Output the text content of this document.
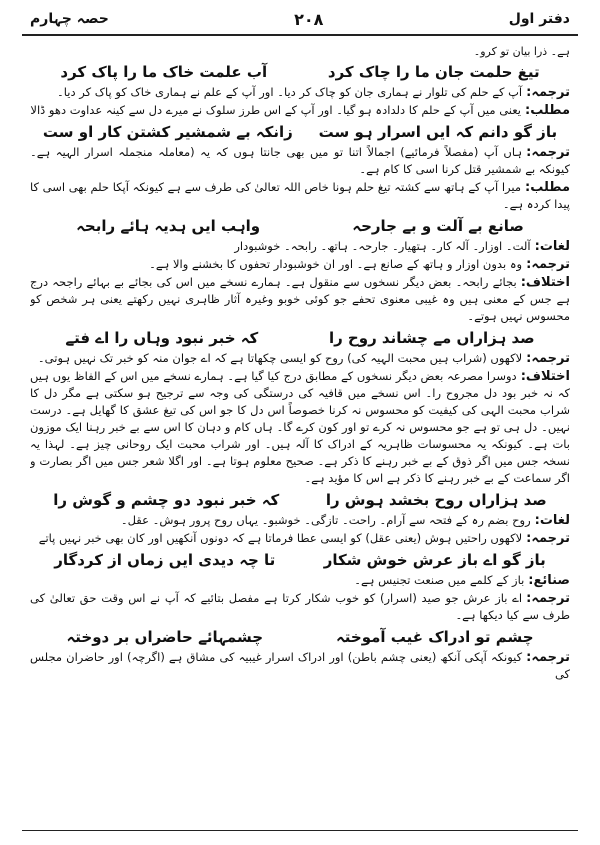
دفتر اول
۲۰۸
حصہ چہارم
ہے۔ ذرا بیان تو کرو۔
تیغ حلمت جان ما را چاک کرد
آب علمت خاک ما را پاک کرد
ترجمہ:آپ کے حلم کی تلوار نے ہماری جان کو چاک کر دیا۔ اور آپ کے علم نے ہماری خاک کو پاک کر دیا۔
مطلب:یعنی میں آپ کے حلم کا دلدادہ ہو گیا۔ اور آپ کے اس طرز سلوک نے میرے دل سے کینہ عداوت دھو ڈالا
باز گو دانم کہ ایں اسرار ہو ست
زانکہ بے شمشیر کشتن کار او ست
ترجمہ:ہاں آپ (مفصلاً فرمائیے) اجمالاً اتنا تو میں بھی جانتا ہوں کہ یہ (معاملہ منجملہ اسرار الہیہ ہے۔ کیونکہ بے شمشیر قتل کرنا اسی کا کام ہے۔
مطلب:میرا آپ کے ہاتھ سے کشتہ تیغ حلم ہونا خاص اللہ تعالیٰ کی طرف سے ہے کیونکہ آپکا حلم بھی اسی کا پیدا کردہ ہے۔
صانع بے آلت و بے جارحہ
واہب ایں ہدیہ ہائے رابحہ
لغات:آلت۔ اوزار۔ آلہ کار۔ ہتھیار۔ جارحہ۔ ہاتھ۔ رابحہ۔ خوشبودار
ترجمہ:وہ بدون اوزار و ہاتھ کے صانع ہے۔ اور ان خوشبودار تحفوں کا بخشنے والا ہے۔
اختلاف:بجائے رابحہ۔ بعض دیگر نسخوں سے منقول ہے۔ ہمارے نسخے میں اس کی بجائے بے بہائے راجحہ درج ہے جس کے معنی ہیں وہ غیبی معنوی تحفے جو کوئی خوبو وغیرہ آثار ظاہری نہیں رکھتے یعنی ہر شخص کو محسوس نہیں ہوتے۔
صد ہزاراں مے چشاند روح را
کہ خبر نبود وہاں را اے فتے
ترجمہ:لاکھوں (شراب ہیں محبت الہیہ کی) روح کو ایسی چکھاتا ہے کہ اے جوان منہ کو خبر تک نہیں ہوتی۔
اختلاف:دوسرا مصرعہ بعض دیگر نسخوں کے مطابق درج کیا گیا ہے۔ ہمارے نسخے میں اس کے الفاظ یوں ہیں کہ نہ خبر بود دل مجروح را۔ اس نسخے میں قافیہ کی درستگی کی وجہ سے ترجیح ہو سکتی ہے مگر دل کا شراب محبت الہی کی کیفیت کو محسوس نہ کرنا خصوصاً اس دل کا جو اس کی تیغ عشق کا گھایل ہے۔ درست نہیں۔ دل ہی تو ہے جو محسوس نہ کرے تو اور کون کرے گا۔ ہاں کام و دہان کا اس سے بے خبر رہنا ایک موزون بات ہے۔ کیونکہ یہ محسوسات ظاہریہ کے ادراک کا آلہ ہیں۔ اور شراب محبت ایک روحانی چیز ہے۔ لہذا یہ نسخہ جس میں اگر ذوق کے بے خبر رہنے کا ذکر ہے۔ صحیح معلوم ہوتا ہے۔ اور اگلا شعر جس میں اگر بصارت و اگر سماعت کے بے خبر رہنے کا ذکر ہے اس کا مؤید ہے۔
صد ہزاراں روح بخشد ہوش را
کہ خبر نبود دو چشم و گوش را
لغات:روح بضم رہ کے فتحہ سے آرام۔ راحت۔ تازگی۔ خوشبو۔ یہاں روح پرور ہوش۔ عقل۔
ترجمہ:لاکھوں راحتیں ہوش (یعنی عقل) کو ایسی عطا فرماتا ہے کہ دونوں آنکھیں اور کان بھی خبر نہیں پاتے
باز گو اے باز عرش خوش شکار
تا چہ دیدی ایں زماں از کردگار
صنائع:باز کے کلمے میں صنعت تجنیس ہے۔
ترجمہ:اے باز عرش جو صید (اسرار) کو خوب شکار کرتا ہے مفصل بتائیے کہ آپ نے اس وقت حق تعالیٰ کی طرف سے کیا دیکھا ہے۔
چشم تو ادراک غیب آموختہ
چشمہائے حاضراں بر دوختہ
ترجمہ:کیونکہ آپکی آنکھ (یعنی چشم باطن) اور ادراک اسرار غیبیہ کی مشاق ہے (اگرچہ) اور حاضران مجلس کی
